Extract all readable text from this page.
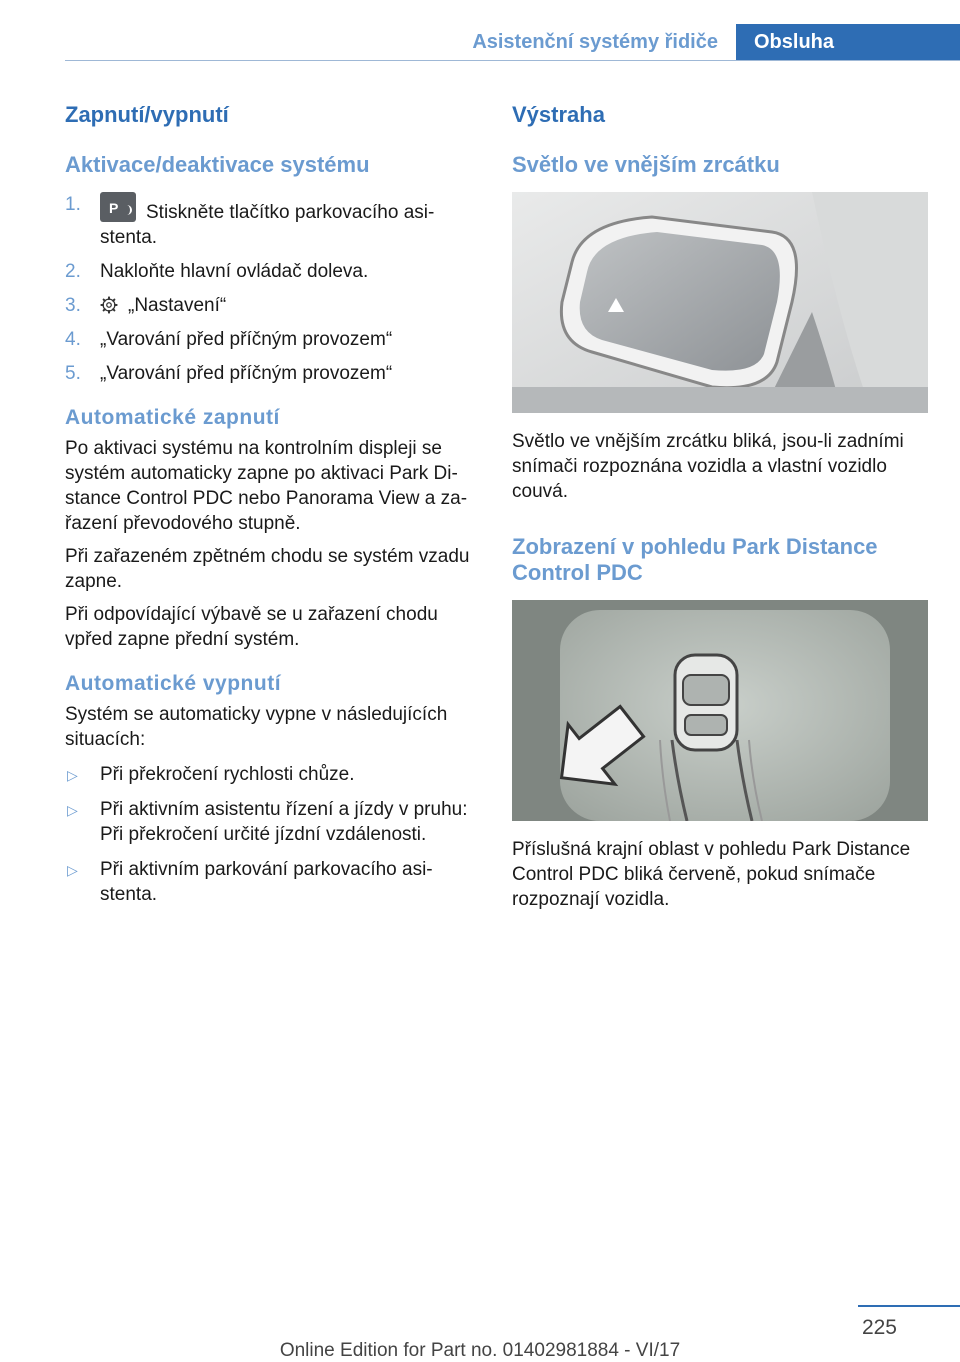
Asistenční systémy řidiče	Obsluha
Zapnutí/vypnutí
Aktivace/deaktivace systému
1. P Stiskněte tlačítko parkovacího asi-stenta.
2. Nakloňte hlavní ovládač doleva.
3. „Nastavení“
4. „Varování před příčným provozem“
5. „Varování před příčným provozem“
Automatické zapnutí

Po aktivaci systému na kontrolním displeji se systém automaticky zapne po aktivaci Park Di-stance Control PDC nebo Panorama View a za-řazení převodového stupně.

Při zařazeném zpětném chodu se systém vzadu zapne.

Při odpovídající výbavě se u zařazení chodu vpřed zapne přední systém.

Automatické vypnutí

Systém se automaticky vypne v následujících situacích:

▷ Při překročení rychlosti chůze.
▷ Při aktivním asistentu řízení a jízdy v pruhu: Při překročení určité jízdní vzdálenosti.
▷ Při aktivním parkování parkovacího asi-stenta.
Výstraha
Světlo ve vnějším zrcátku
Světlo ve vnějším zrcátku bliká, jsou-li zadními snímači rozpoznána vozidla a vlastní vozidlo couvá.
Zobrazení v pohledu Park Distance Control PDC
Příslušná krajní oblast v pohledu Park Distance Control PDC bliká červeně, pokud snímače rozpoznají vozidla.
225
Online Edition for Part no. 01402981884 - VI/17
